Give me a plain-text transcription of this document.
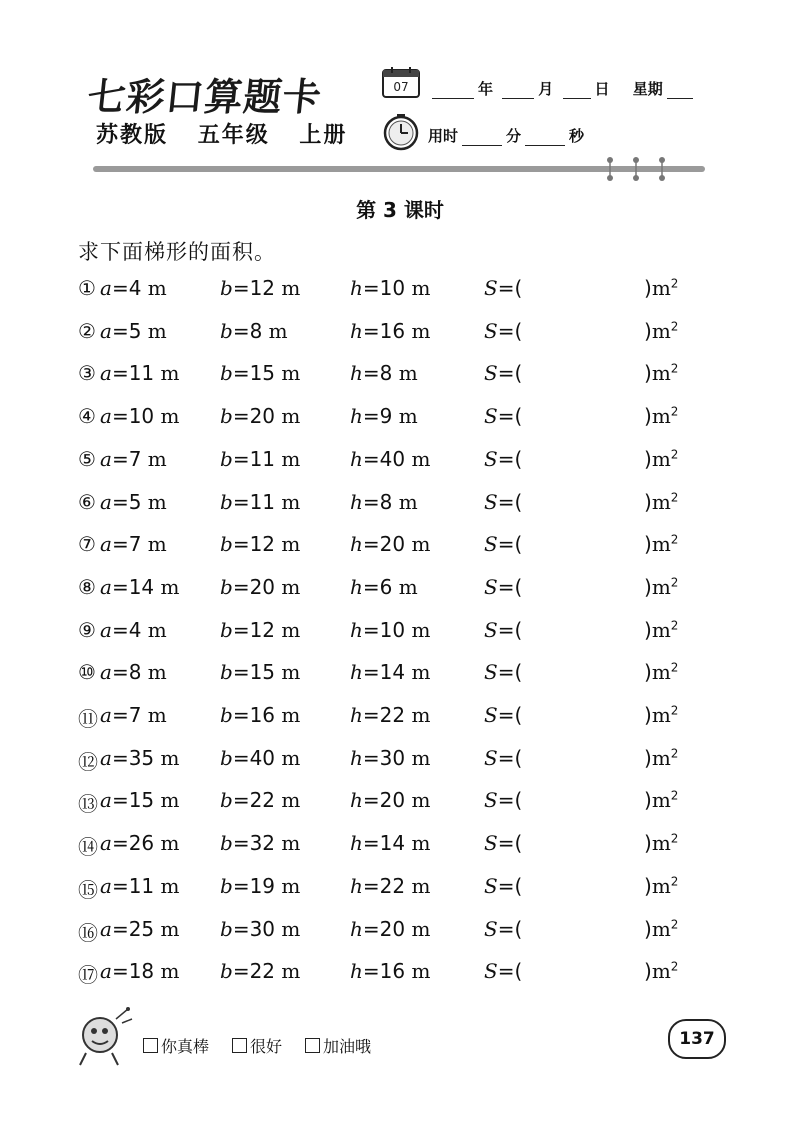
七彩口算题卡
苏教版 五年级 上册
07	年	月	日 星期
用时	分	秒
第 3 课时
求下面梯形的面积。
① a=4 m	b=12 m h=10 m	S=(	)$m^2$
② a=5 m	b=8 m	h=16 m	S=(	)$m^2$
③ a=11 m b=15 m h=8 m	S=(	)$m^2$
④ a=10 m b=20 m h=9 m	S=(	)$m^2$
⑤ a=7 m	b=11 m h=40 m	S=(	)$m^2$
⑥ a=5 m	b=11 m h=8 m	S=(	)$m^2$
⑦ a=7 m	b=12 m h=20 m	S=(	)$m^2$
⑧ a=14 m b=20 m h=6 m	S=(	)$m^2$
⑨ a=4 m	b=12 m h=10 m	S=(	)$m^2$
⑩ a=8 m	b=15 m h=14 m	S=(	)$m^2$
⑪ a=7 m	b=16 m h=22 m	S=(	)$m^2$
⑫ a=35 m b=40 m h=30 m	S=(	)$m^2$
⑬ a=15 m b=22 m h=20 m	S=(	)$m^2$
⑭ a=26 m b=32 m h=14 m	S=(	)$m^2$
⑮ a=11 m b=19 m h=22 m	S=(	)$m^2$
⑯ a=25 m b=30 m h=20 m	S=(	)$m^2$
⑰ a=18 m b=22 m h=16 m	S=(	)$m^2$
你真棒	很好	加油哦	137
